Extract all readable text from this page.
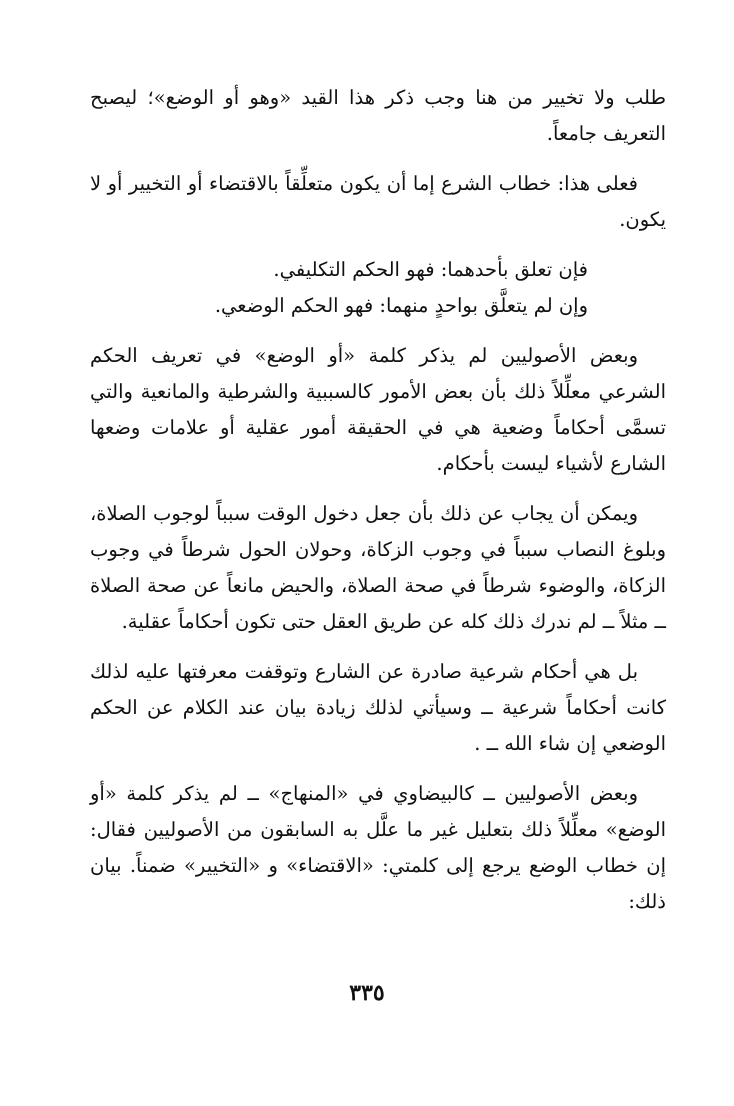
طلب ولا تخيير من هنا وجب ذكر هذا القيد «وهو أو الوضع»؛ ليصبح التعريف جامعاً.

فعلى هذا: خطاب الشرع إما أن يكون متعلِّقاً بالاقتضاء أو التخيير أو لا يكون.

فإن تعلق بأحدهما: فهو الحكم التكليفي.

وإن لم يتعلَّق بواحدٍ منهما: فهو الحكم الوضعي.

وبعض الأصوليين لم يذكر كلمة «أو الوضع» في تعريف الحكم الشرعي معلِّلاً ذلك بأن بعض الأمور كالسببية والشرطية والمانعية والتي تسمَّى أحكاماً وضعية هي في الحقيقة أمور عقلية أو علامات وضعها الشارع لأشياء ليست بأحكام.

ويمكن أن يجاب عن ذلك بأن جعل دخول الوقت سبباً لوجوب الصلاة، وبلوغ النصاب سبباً في وجوب الزكاة، وحولان الحول شرطاً في وجوب الزكاة، والوضوء شرطاً في صحة الصلاة، والحيض مانعاً عن صحة الصلاة ــ مثلاً ــ لم ندرك ذلك كله عن طريق العقل حتى تكون أحكاماً عقلية.

بل هي أحكام شرعية صادرة عن الشارع وتوقفت معرفتها عليه لذلك كانت أحكاماً شرعية ــ وسيأتي لذلك زيادة بيان عند الكلام عن الحكم الوضعي إن شاء الله ــ .

وبعض الأصوليين ــ كالبيضاوي في «المنهاج» ــ لم يذكر كلمة «أو الوضع» معلِّلاً ذلك بتعليل غير ما علَّل به السابقون من الأصوليين فقال: إن خطاب الوضع يرجع إلى كلمتي: «الاقتضاء» و «التخيير» ضمناً. بيان ذلك:

٣٣٥
